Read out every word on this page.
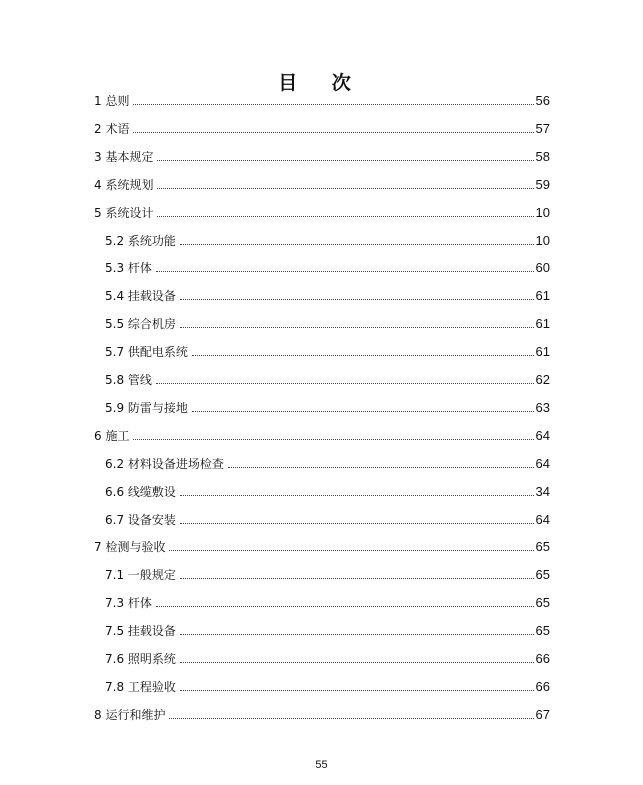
目 次
1 总则	56
2 术语	57
3 基本规定	58
4 系统规划	59
5 系统设计	10
5.2 系统功能	10
5.3 杆体	60
5.4 挂载设备	61
5.5 综合机房	61
5.7 供配电系统	61
5.8 管线	62
5.9 防雷与接地	63
6 施工	64
6.2 材料设备进场检查	64
6.6 线缆敷设	34
6.7 设备安装	64
7 检测与验收	65
7.1 一般规定	65
7.3 杆体	65
7.5 挂载设备	65
7.6 照明系统	66
7.8 工程验收	66
8 运行和维护	67
55
